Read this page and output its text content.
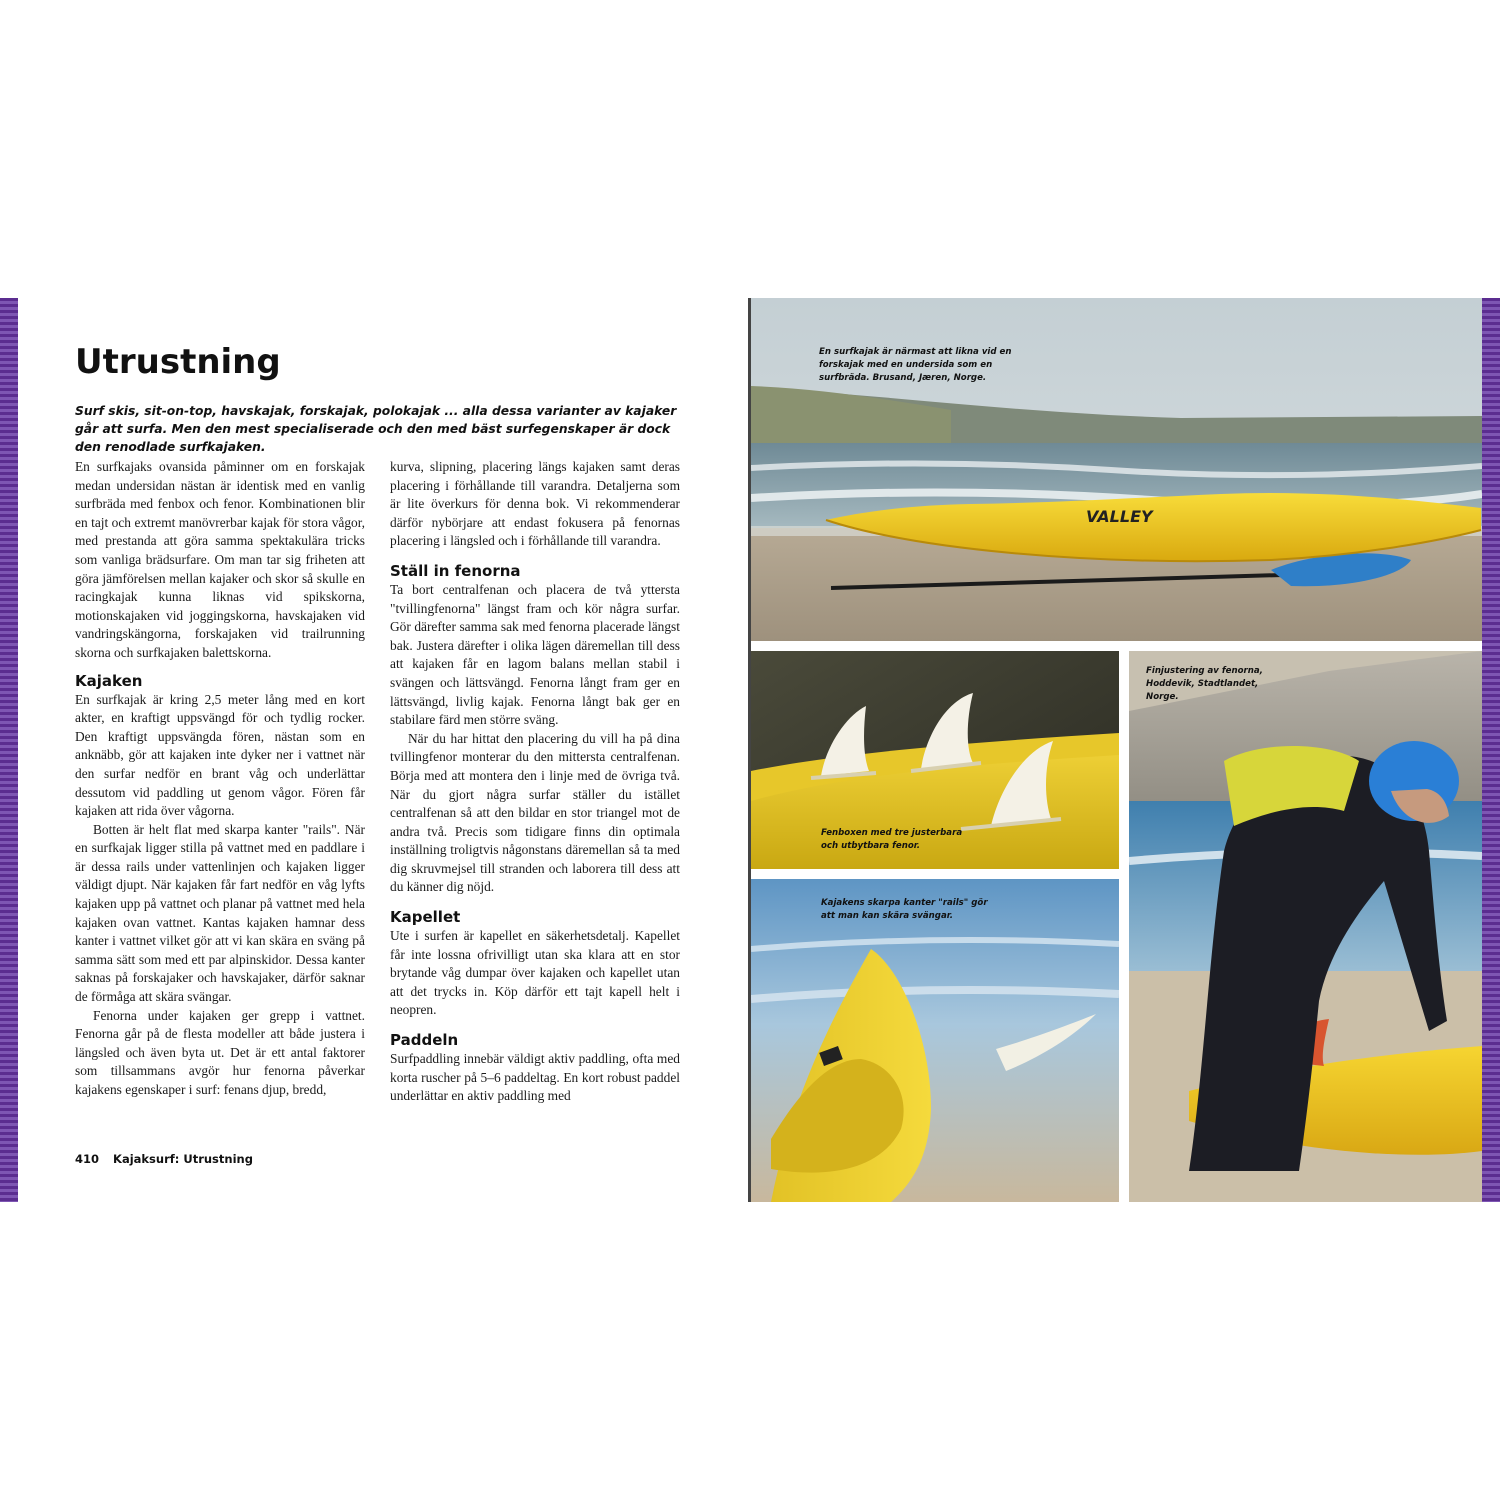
Utrustning

Surf skis, sit-on-top, havskajak, forskajak, polokajak ... alla dessa varianter av kajaker går att surfa. Men den mest specialiserade och den med bäst surfegenskaper är dock den renodlade surfkajaken.

En surfkajaks ovansida påminner om en forskajak medan undersidan nästan är identisk med en vanlig surfbräda med fenbox och fenor. Kombinationen blir en tajt och extremt manövrerbar kajak för stora vågor, med prestanda att göra samma spektakulära tricks som vanliga brädsurfare. Om man tar sig friheten att göra jämförelsen mellan kajaker och skor så skulle en racingkajak kunna liknas vid spikskorna, motionskajaken vid joggingskorna, havskajaken vid vandringskängorna, forskajaken vid trailrunning skorna och surfkajaken balettskorna.

Kajaken

En surfkajak är kring 2,5 meter lång med en kort akter, en kraftigt uppsvängd för och tydlig rocker. Den kraftigt uppsvängda fören, nästan som en anknäbb, gör att kajaken inte dyker ner i vattnet när den surfar nedför en brant våg och underlättar dessutom vid paddling ut genom vågor. Fören får kajaken att rida över vågorna.

Botten är helt flat med skarpa kanter "rails". När en surfkajak ligger stilla på vattnet med en paddlare i är dessa rails under vattenlinjen och kajaken ligger väldigt djupt. När kajaken får fart nedför en våg lyfts kajaken upp på vattnet och planar på vattnet med hela kajaken ovan vattnet. Kantas kajaken hamnar dess kanter i vattnet vilket gör att vi kan skära en sväng på samma sätt som med ett par alpinskidor. Dessa kanter saknas på forskajaker och havskajaker, därför saknar de förmåga att skära svängar.

Fenorna under kajaken ger grepp i vattnet. Fenorna går på de flesta modeller att både justera i längsled och även byta ut. Det är ett antal faktorer som tillsammans avgör hur fenorna påverkar kajakens egenskaper i surf: fenans djup, bredd,

kurva, slipning, placering längs kajaken samt deras placering i förhållande till varandra. Detaljerna som är lite överkurs för denna bok. Vi rekommenderar därför nybörjare att endast fokusera på fenornas placering i längsled och i förhållande till varandra.

Ställ in fenorna

Ta bort centralfenan och placera de två yttersta "tvillingfenorna" längst fram och kör några surfar. Gör därefter samma sak med fenorna placerade längst bak. Justera därefter i olika lägen däremellan till dess att kajaken får en lagom balans mellan stabil i svängen och lättsvängd. Fenorna långt fram ger en lättsvängd, livlig kajak. Fenorna långt bak ger en stabilare färd men större sväng.

När du har hittat den placering du vill ha på dina tvillingfenor monterar du den mittersta centralfenan. Börja med att montera den i linje med de övriga två. När du gjort några surfar ställer du istället centralfenan så att den bildar en stor triangel mot de andra två. Precis som tidigare finns din optimala inställning troligtvis någonstans däremellan så ta med dig skruvmejsel till stranden och laborera till dess att du känner dig nöjd.

Kapellet

Ute i surfen är kapellet en säkerhetsdetalj. Kapellet får inte lossna ofrivilligt utan ska klara att en stor brytande våg dumpar över kajaken och kapellet utan att det trycks in. Köp därför ett tajt kapell helt i neopren.

Paddeln

Surfpaddling innebär väldigt aktiv paddling, ofta med korta ruscher på 5–6 paddeltag. En kort robust paddel underlättar en aktiv paddling med

410 Kajaksurf: Utrustning
VALLEY
En surfkajak är närmast att likna vid en forskajak med en undersida som en surfbräda. Brusand, Jæren, Norge.
Fenboxen med tre justerbara och utbytbara fenor.
Kajakens skarpa kanter "rails" gör att man kan skära svängar.
Finjustering av fenorna, Hoddevik, Stadtlandet, Norge.
